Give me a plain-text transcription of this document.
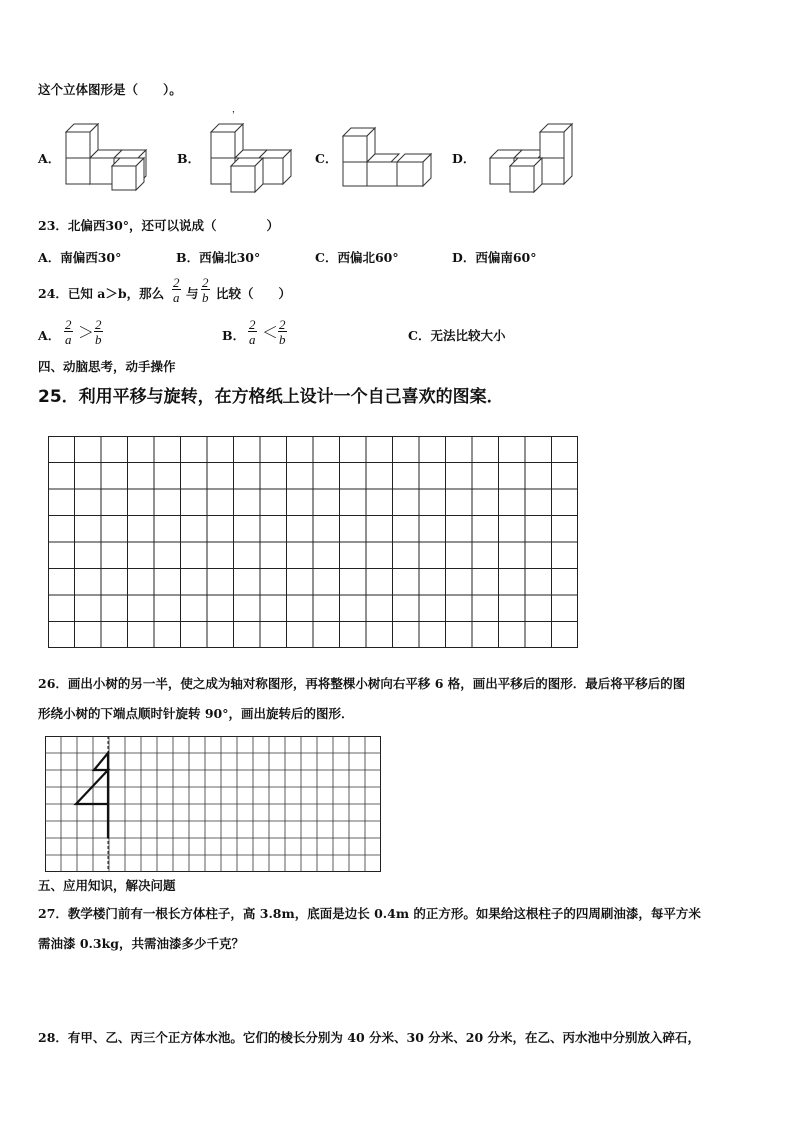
这个立体图形是（　　）。
A．	B．
，
C．	D．
23．北偏西30°，还可以说成（　　　　）
A．南偏西30°	B．西偏北30°	C．西偏北60°	D．西偏南60°
24．已知 a＞b，那么 $\frac{2}{a}$ 与 $\frac{2}{b}$ 比较（　　）
A． $\frac{2}{a} > \frac{2}{b}$	B． $\frac{2}{a} < \frac{2}{b}$	C．无法比较大小
四、动脑思考，动手操作
25．利用平移与旋转，在方格纸上设计一个自己喜欢的图案．
26．画出小树的另一半，使之成为轴对称图形，再将整棵小树向右平移 6 格，画出平移后的图形．最后将平移后的图
形绕小树的下端点顺时针旋转 90°，画出旋转后的图形．
五、应用知识，解决问题
27．教学楼门前有一根长方体柱子，高 3.8m，底面是边长 0.4m 的正方形。如果给这根柱子的四周刷油漆，每平方米
需油漆 0.3kg，共需油漆多少千克？
28．有甲、乙、丙三个正方体水池。它们的棱长分别为 40 分米、30 分米、20 分米，在乙、丙水池中分别放入碎石，
